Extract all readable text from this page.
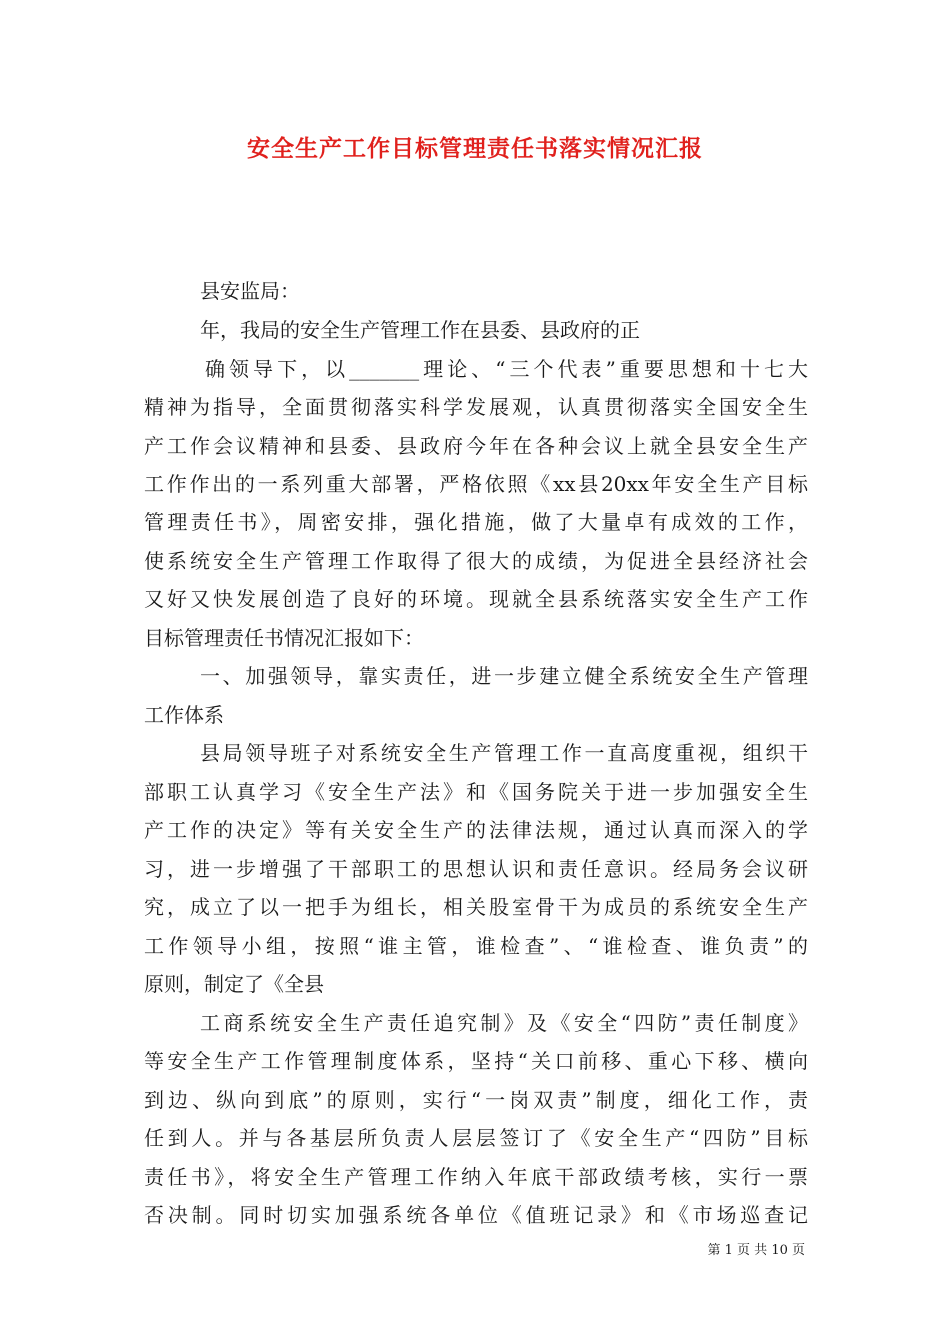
安全生产工作目标管理责任书落实情况汇报
县安监局：
年，我局的安全生产管理工作在县委、县政府的正
确领导下，以_______理论、“三个代表”重要思想和十七大
精神为指导，全面贯彻落实科学发展观，认真贯彻落实全国安全生
产工作会议精神和县委、县政府今年在各种会议上就全县安全生产
工作作出的一系列重大部署，严格依照《xx县20xx年安全生产目标
管理责任书》，周密安排，强化措施，做了大量卓有成效的工作，
使系统安全生产管理工作取得了很大的成绩，为促进全县经济社会
又好又快发展创造了良好的环境。现就全县系统落实安全生产工作
目标管理责任书情况汇报如下：
一、加强领导，靠实责任，进一步建立健全系统安全生产管理
工作体系
县局领导班子对系统安全生产管理工作一直高度重视，组织干
部职工认真学习《安全生产法》和《国务院关于进一步加强安全生
产工作的决定》等有关安全生产的法律法规，通过认真而深入的学
习，进一步增强了干部职工的思想认识和责任意识。经局务会议研
究，成立了以一把手为组长，相关股室骨干为成员的系统安全生产
工作领导小组，按照“谁主管，谁检查”、“谁检查、谁负责”的
原则，制定了《全县
工商系统安全生产责任追究制》及《安全“四防”责任制度》
等安全生产工作管理制度体系，坚持“关口前移、重心下移、横向
到边、纵向到底”的原则，实行“一岗双责”制度，细化工作，责
任到人。并与各基层所负责人层层签订了《安全生产“四防”目标
责任书》，将安全生产管理工作纳入年底干部政绩考核，实行一票
否决制。同时切实加强系统各单位《值班记录》和《市场巡查记
第 1 页 共 10 页
